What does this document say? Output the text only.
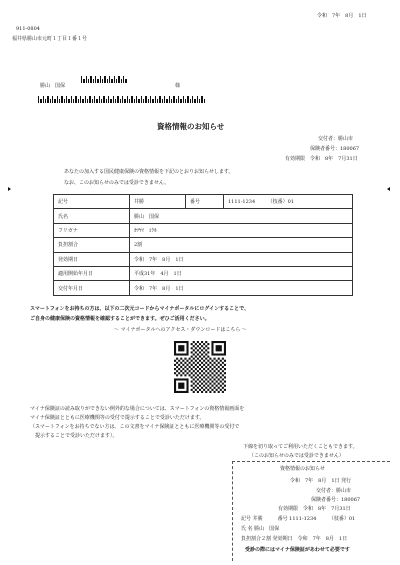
令和　7年　8月　1日
911-0804
福井県勝山市元町１丁目１番１号
勝山　国保	様
資格情報のお知らせ
交付者：勝山市
保険者番号：180067
有効期限　令和　8年　7月31日
あなたの加入する国民健康保険の資格情報を下記のとおりお知らせします。
なお、このお知らせのみでは受診できません。
記号	井勝	番号	1111-1234　　　（枝番）01
氏名	勝山　国保		
フリガナ	ｶﾂﾔﾏ　ｺｸﾎ		
負担割合	2割		
発効期日	令和　7年　8月　1日		
適用開始年月日	平成31年　4月　1日		
交付年月日	令和　7年　8月　1日		
スマートフォンをお持ちの方は、以下の二次元コードからマイナポータルにログインすることで、
ご自身の健康保険の資格情報を確認することができます。ぜひご活用ください。
～ マイナポータルへのアクセス・ダウンロードはこちら ～
マイナ保険証の読み取りができない例外的な場合については、スマートフォンの資格情報画面を
マイナ保険証とともに医療機関等の受付で提示することで受診いただけます。
（スマートフォンをお持ちでない方は、この文書をマイナ保険証とともに医療機関等の受付で
　提示することで受診いただけます）。
下線を切り取ってご利用いただくこともできます。
（このお知らせのみでは受診できません）
資格情報のお知らせ
令和　7年　8月　1日 発行
交付者：勝山市
保険者番号：180067
有効期限　令和　8年　7月31日
記号 井勝　　　番号 1111-1234　　　（枝番）01
氏 名 勝山　国保
負担割合２割 発効期日　令和　7年　8月　1日
受診の際にはマイナ保険証があわせて必要です
